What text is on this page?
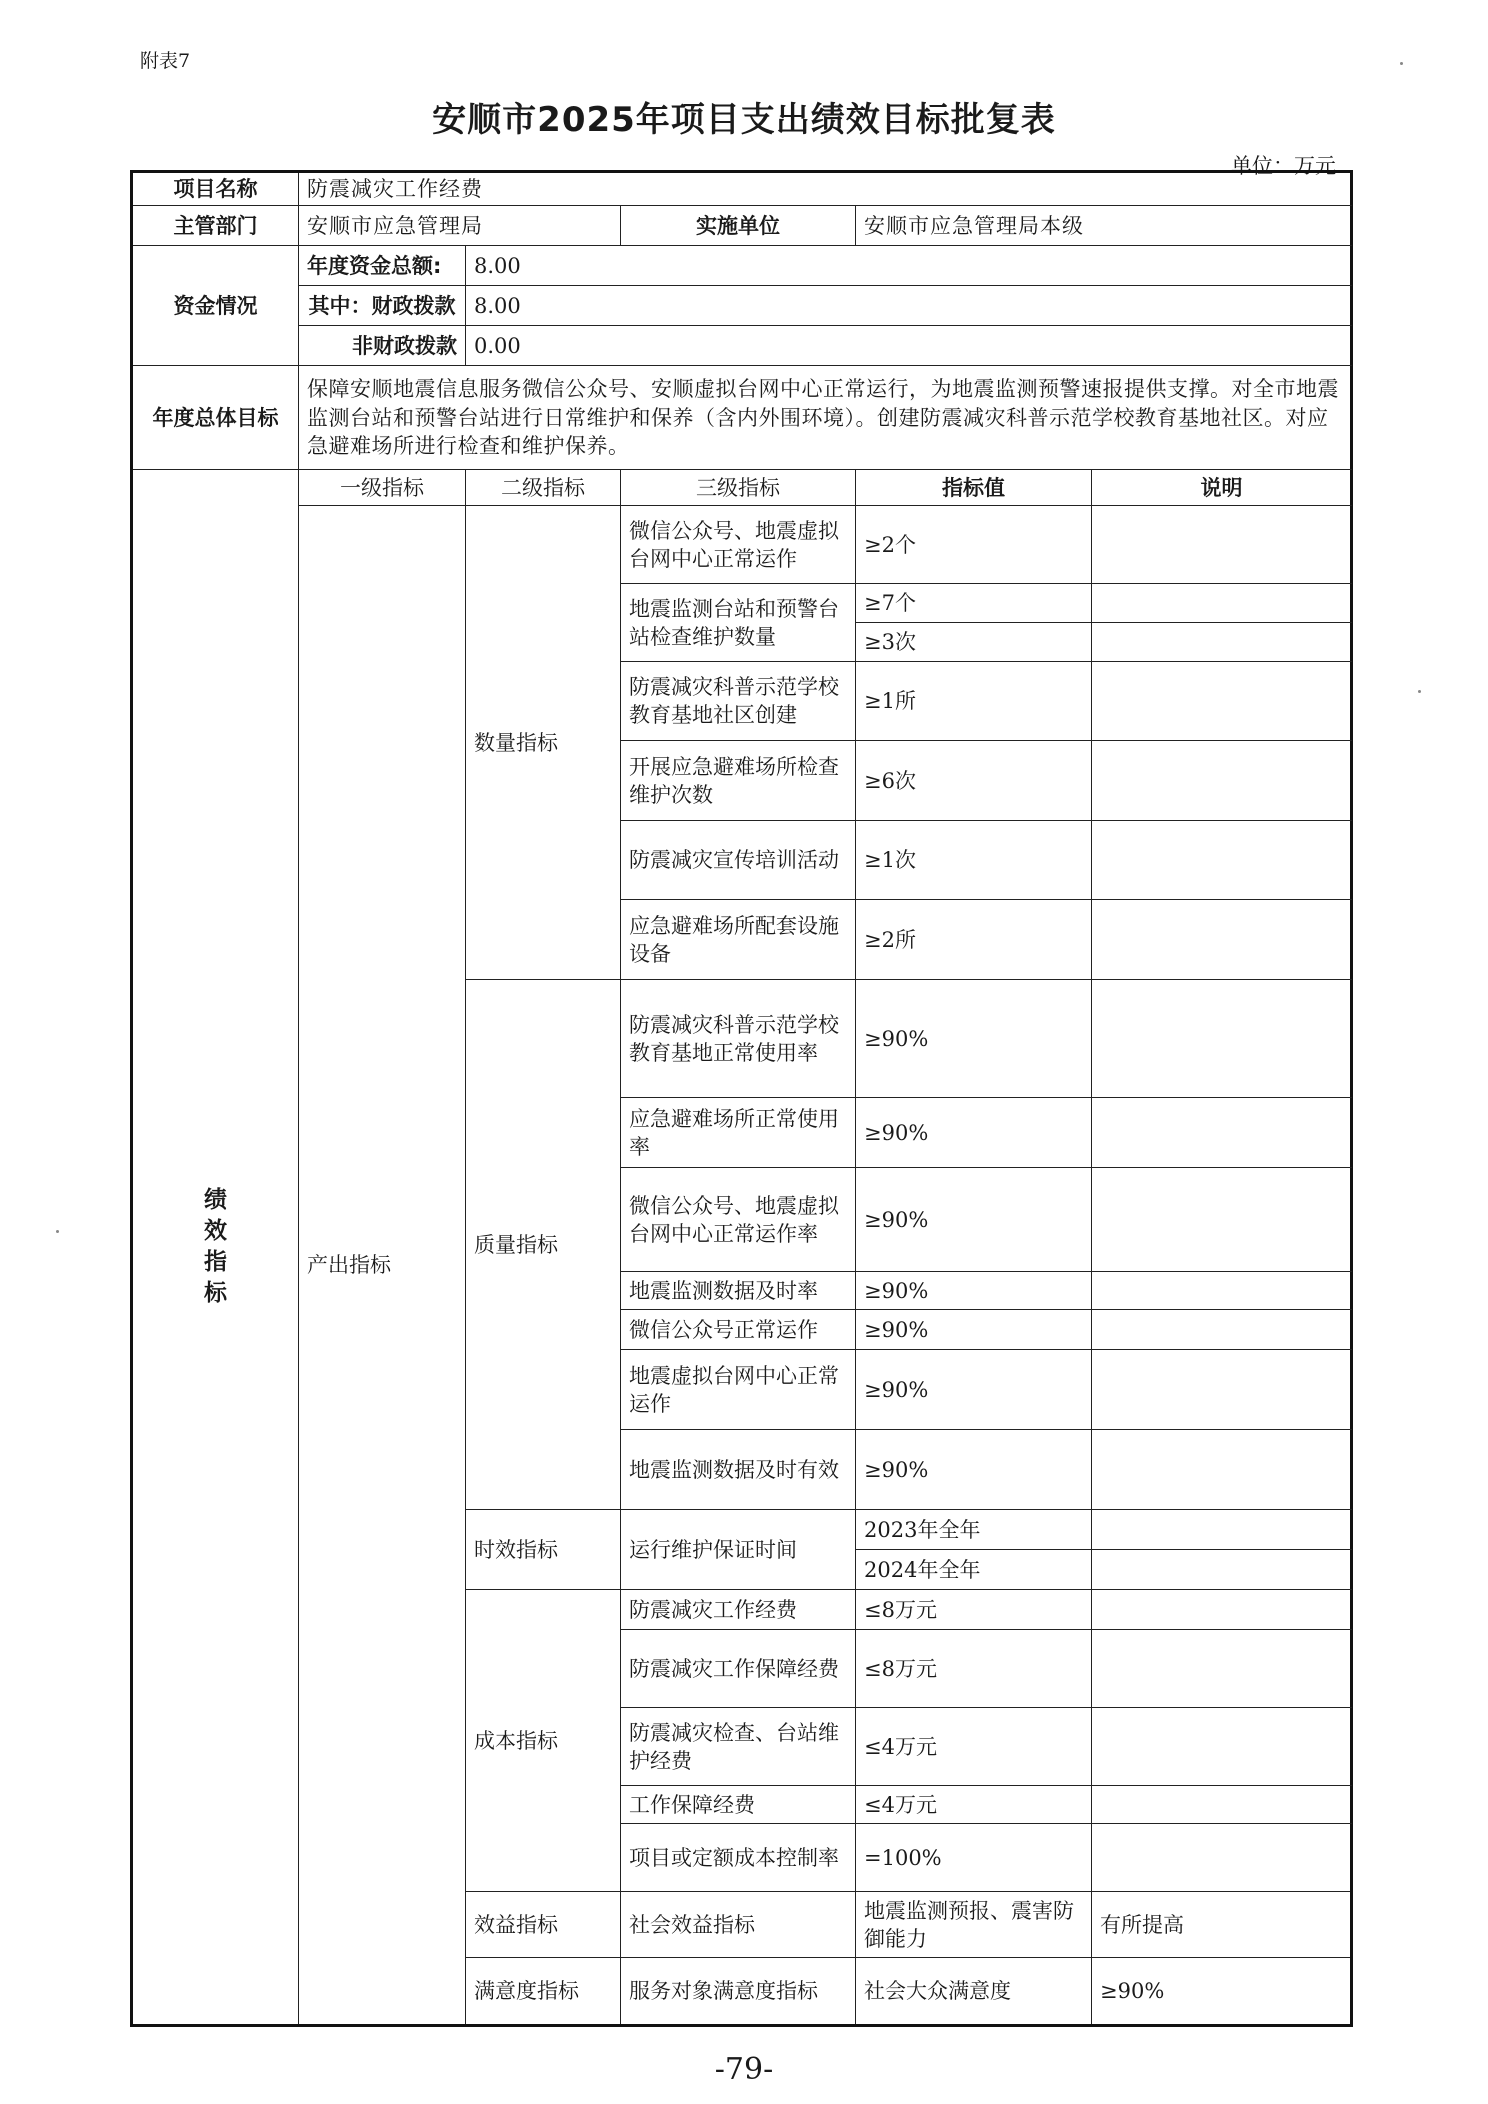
附表7
安顺市2025年项目支出绩效目标批复表
单位：万元
项目名称	防震减灾工作经费					
主管部门	安顺市应急管理局		实施单位	安顺市应急管理局本级		
资金情况	年度资金总额:	8.00				
	其中：财政拨款	8.00				
	非财政拨款	0.00				
年度总体目标	保障安顺地震信息服务微信公众号、安顺虚拟台网中心正常运行，为地震监测预警速报提供支撑。对全市地震监测台站和预警台站进行日常维护和保养（含内外围环境）。创建防震减灾科普示范学校教育基地社区。对应急避难场所进行检查和维护保养。					

绩
效
指
标	一级指标	二级指标	三级指标	指标值	说明	
	产出指标	数量指标	微信公众号、地震虚拟台网中心正常运作	≥2个		
			地震监测台站和预警台站检查维护数量	≥7个		
				≥3次		
			防震减灾科普示范学校教育基地社区创建	≥1所		
			开展应急避难场所检查维护次数	≥6次		
			防震减灾宣传培训活动	≥1次		
			应急避难场所配套设施设备	≥2所		
		质量指标	防震减灾科普示范学校教育基地正常使用率	≥90%		
			应急避难场所正常使用率	≥90%		
			微信公众号、地震虚拟台网中心正常运作率	≥90%		
			地震监测数据及时率	≥90%		
			微信公众号正常运作	≥90%		
			地震虚拟台网中心正常运作	≥90%		
			地震监测数据及时有效	≥90%		
		时效指标	运行维护保证时间	2023年全年		
				2024年全年		
		成本指标	防震减灾工作经费	≤8万元		
			防震减灾工作保障经费	≤8万元		
			防震减灾检查、台站维护经费	≤4万元		
			工作保障经费	≤4万元		
			项目或定额成本控制率	=100%		
		效益指标	社会效益指标	地震监测预报、震害防御能力	有所提高	
		满意度指标	服务对象满意度指标	社会大众满意度	≥90%	
-79-
